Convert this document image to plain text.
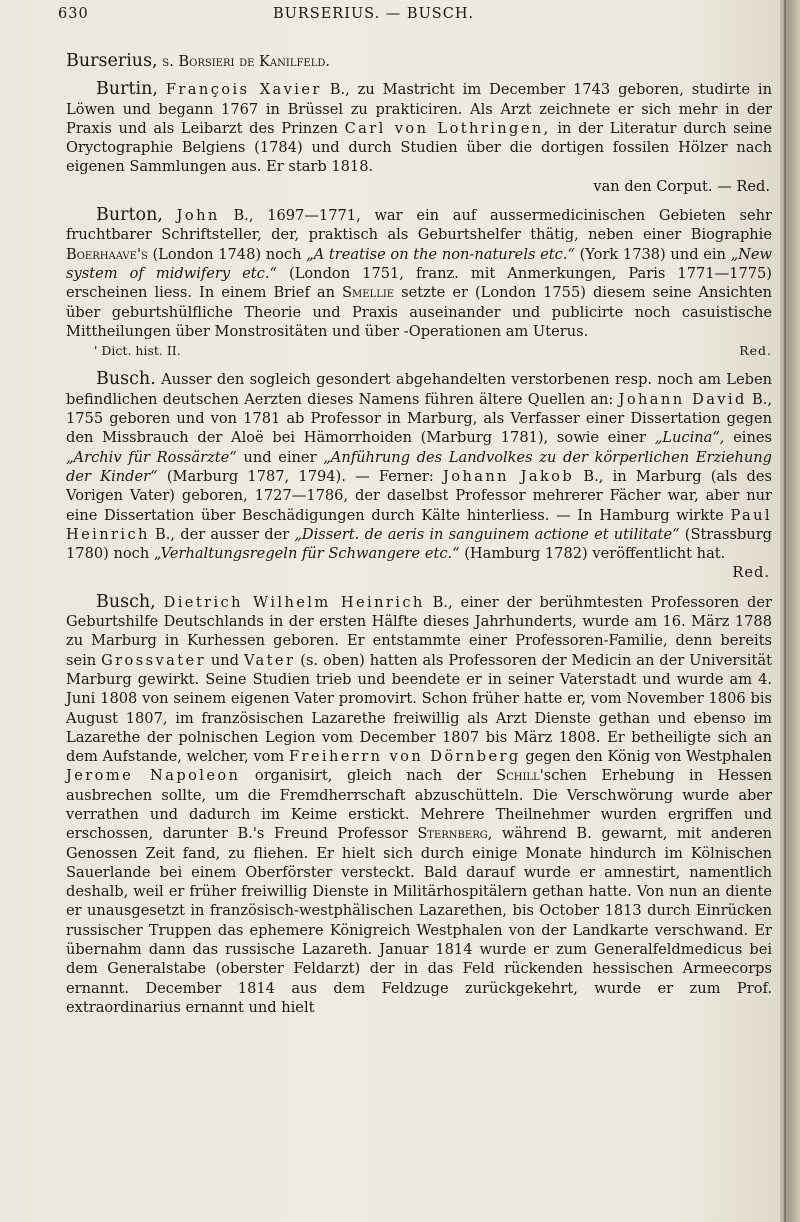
630	BURSERIUS. — BUSCH.
Burserius, s. Borsieri de Kanilfeld.

Burtin, François Xavier B., zu Mastricht im December 1743 geboren, studirte in Löwen und begann 1767 in Brüssel zu prakticiren. Als Arzt zeichnete er sich mehr in der Praxis und als Leibarzt des Prinzen Carl von Lothringen, in der Literatur durch seine Oryctographie Belgiens (1784) und durch Studien über die dortigen fossilen Hölzer nach eigenen Sammlungen aus. Er starb 1818.

van den Corput. — Red.

Burton, John B., 1697—1771, war ein auf aussermedicinischen Gebieten sehr fruchtbarer Schriftsteller, der, praktisch als Geburtshelfer thätig, neben einer Biographie Boerhaave's (London 1748) noch „A treatise on the non-naturels etc.“ (York 1738) und ein „New system of midwifery etc.“ (London 1751, franz. mit Anmerkungen, Paris 1771—1775) erscheinen liess. In einem Brief an Smellie setzte er (London 1755) diesem seine Ansichten über geburtshülfliche Theorie und Praxis auseinander und publicirte noch casuistische Mittheilungen über Monstrositäten und über -Operationen am Uterus.

' Dict. hist. II.	Red.

Busch. Ausser den sogleich gesondert abgehandelten verstorbenen resp. noch am Leben befindlichen deutschen Aerzten dieses Namens führen ältere Quellen an: Johann David B., 1755 geboren und von 1781 ab Professor in Marburg, als Verfasser einer Dissertation gegen den Missbrauch der Aloë bei Hämorrhoiden (Marburg 1781), sowie einer „Lucina“, eines „Archiv für Rossärzte“ und einer „Anführung des Landvolkes zu der körperlichen Erziehung der Kinder“ (Marburg 1787, 1794). — Ferner: Johann Jakob B., in Marburg (als des Vorigen Vater) geboren, 1727—1786, der daselbst Professor mehrerer Fächer war, aber nur eine Dissertation über Beschädigungen durch Kälte hinterliess. — In Hamburg wirkte Paul Heinrich B., der ausser der „Dissert. de aeris in sanguinem actione et utilitate“ (Strassburg 1780) noch „Verhaltungsregeln für Schwangere etc.“ (Hamburg 1782) veröffentlicht hat.

Red.

Busch, Dietrich Wilhelm Heinrich B., einer der berühmtesten Professoren der Geburtshilfe Deutschlands in der ersten Hälfte dieses Jahrhunderts, wurde am 16. März 1788 zu Marburg in Kurhessen geboren. Er entstammte einer Professoren-Familie, denn bereits sein Grossvater und Vater (s. oben) hatten als Professoren der Medicin an der Universität Marburg gewirkt. Seine Studien trieb und beendete er in seiner Vaterstadt und wurde am 4. Juni 1808 von seinem eigenen Vater promovirt. Schon früher hatte er, vom November 1806 bis August 1807, im französischen Lazarethe freiwillig als Arzt Dienste gethan und ebenso im Lazarethe der polnischen Legion vom December 1807 bis März 1808. Er betheiligte sich an dem Aufstande, welcher, vom Freiherrn von Dörnberg gegen den König von Westphalen Jerome Napoleon organisirt, gleich nach der Schill'schen Erhebung in Hessen ausbrechen sollte, um die Fremdherrschaft abzuschütteln. Die Verschwörung wurde aber verrathen und dadurch im Keime erstickt. Mehrere Theilnehmer wurden ergriffen und erschossen, darunter B.'s Freund Professor Sternberg, während B. gewarnt, mit anderen Genossen Zeit fand, zu fliehen. Er hielt sich durch einige Monate hindurch im Kölnischen Sauerlande bei einem Oberförster versteckt. Bald darauf wurde er amnestirt, namentlich deshalb, weil er früher freiwillig Dienste in Militärhospitälern gethan hatte. Von nun an diente er unausgesetzt in französisch-westphälischen Lazarethen, bis October 1813 durch Einrücken russischer Truppen das ephemere Königreich Westphalen von der Landkarte verschwand. Er übernahm dann das russische Lazareth. Januar 1814 wurde er zum Generalfeldmedicus bei dem Generalstabe (oberster Feldarzt) der in das Feld rückenden hessischen Armeecorps ernannt. December 1814 aus dem Feldzuge zurückgekehrt, wurde er zum Prof. extraordinarius ernannt und hielt
